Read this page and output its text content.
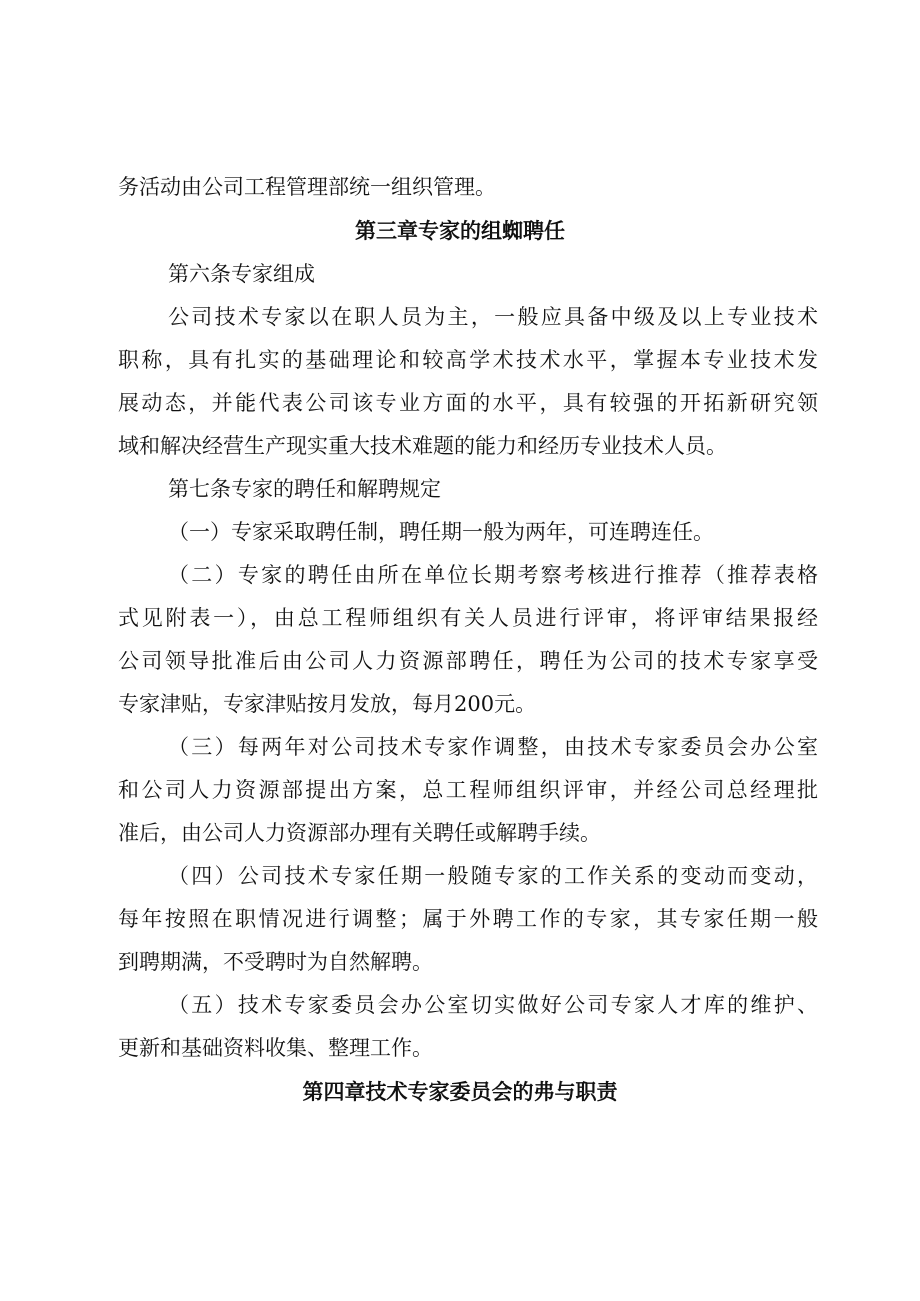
务活动由公司工程管理部统一组织管理。
第三章专家的组蜘聘任
第六条专家组成
公司技术专家以在职人员为主，一般应具备中级及以上专业技术
职称，具有扎实的基础理论和较高学术技术水平，掌握本专业技术发
展动态，并能代表公司该专业方面的水平，具有较强的开拓新研究领
域和解决经营生产现实重大技术难题的能力和经历专业技术人员。
第七条专家的聘任和解聘规定
（一）专家采取聘任制，聘任期一般为两年，可连聘连任。
（二）专家的聘任由所在单位长期考察考核进行推荐（推荐表格
式见附表一），由总工程师组织有关人员进行评审，将评审结果报经
公司领导批准后由公司人力资源部聘任，聘任为公司的技术专家享受
专家津贴，专家津贴按月发放，每月200元。
（三）每两年对公司技术专家作调整，由技术专家委员会办公室
和公司人力资源部提出方案，总工程师组织评审，并经公司总经理批
准后，由公司人力资源部办理有关聘任或解聘手续。
（四）公司技术专家任期一般随专家的工作关系的变动而变动，
每年按照在职情况进行调整；属于外聘工作的专家，其专家任期一般
到聘期满，不受聘时为自然解聘。
（五）技术专家委员会办公室切实做好公司专家人才库的维护、
更新和基础资料收集、整理工作。
第四章技术专家委员会的弗与职责
